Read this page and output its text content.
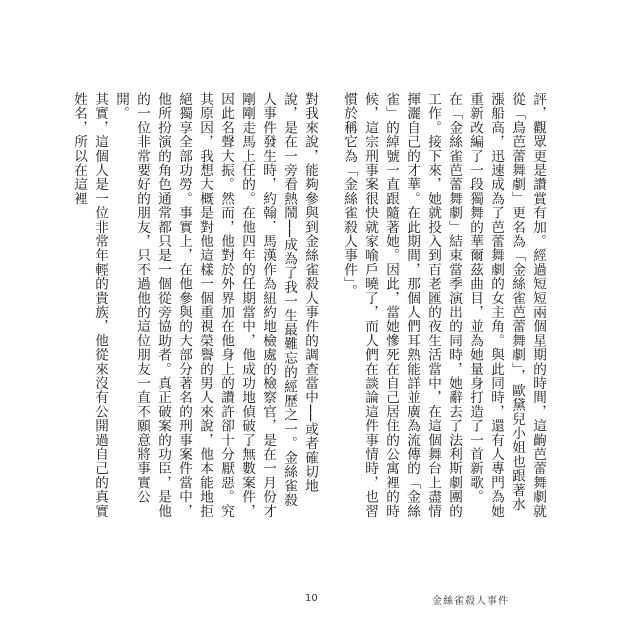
評，觀眾更是讚賞有加。經過短短兩個星期的時間，這齣芭蕾舞劇就從「鳥芭蕾舞劇」更名為「金絲雀芭蕾舞劇」，歐黛兒小姐也跟著水漲船高，迅速成為了芭蕾舞劇的女主角。與此同時，還有人專門為她重新改編了一段獨舞的華爾茲曲目，並為她量身打造了一首新歌。

在「金絲雀芭蕾舞劇」結束當季演出的同時，她辭去了法利斯劇團的工作。接下來，她就投入到百老匯的夜生活當中，在這個舞台上盡情揮灑自己的才華。在此期間，那個人們耳熟能詳並廣為流傳的「金絲雀」的綽號一直跟隨著她。因此，當她慘死在自己居住的公寓裡的時候，這宗刑事案很快就家喻戶曉了，而人們在談論這件事情時，也習慣於稱它為「金絲雀殺人事件」。

對我來說，能夠參與到金絲雀殺人事件的調查當中──或者確切地說，是在一旁看熱鬧──成為了我一生最難忘的經歷之一。金絲雀殺人事件發生時，約翰．馬漢作為紐約地檢處的檢察官，是在一月份才剛剛走馬上任的。在他四年的任期當中，他成功地偵破了無數案件，因此名聲大振。然而，他對於外界加在他身上的讚許卻十分厭惡。究其原因，我想大概是對他這樣一個重視榮譽的男人來說，他本能地拒絕獨享全部功勞。事實上，在他參與的大部分著名的刑事案件當中，他所扮演的角色通常都只是一個從旁協助者。真正破案的功臣，是他的一位非常要好的朋友，只不過他的這位朋友一直不願意將事實公開。

其實，這個人是一位非常年輕的貴族，他從來沒有公開過自己的真實姓名，所以在這裡

10	金絲雀殺人事件
